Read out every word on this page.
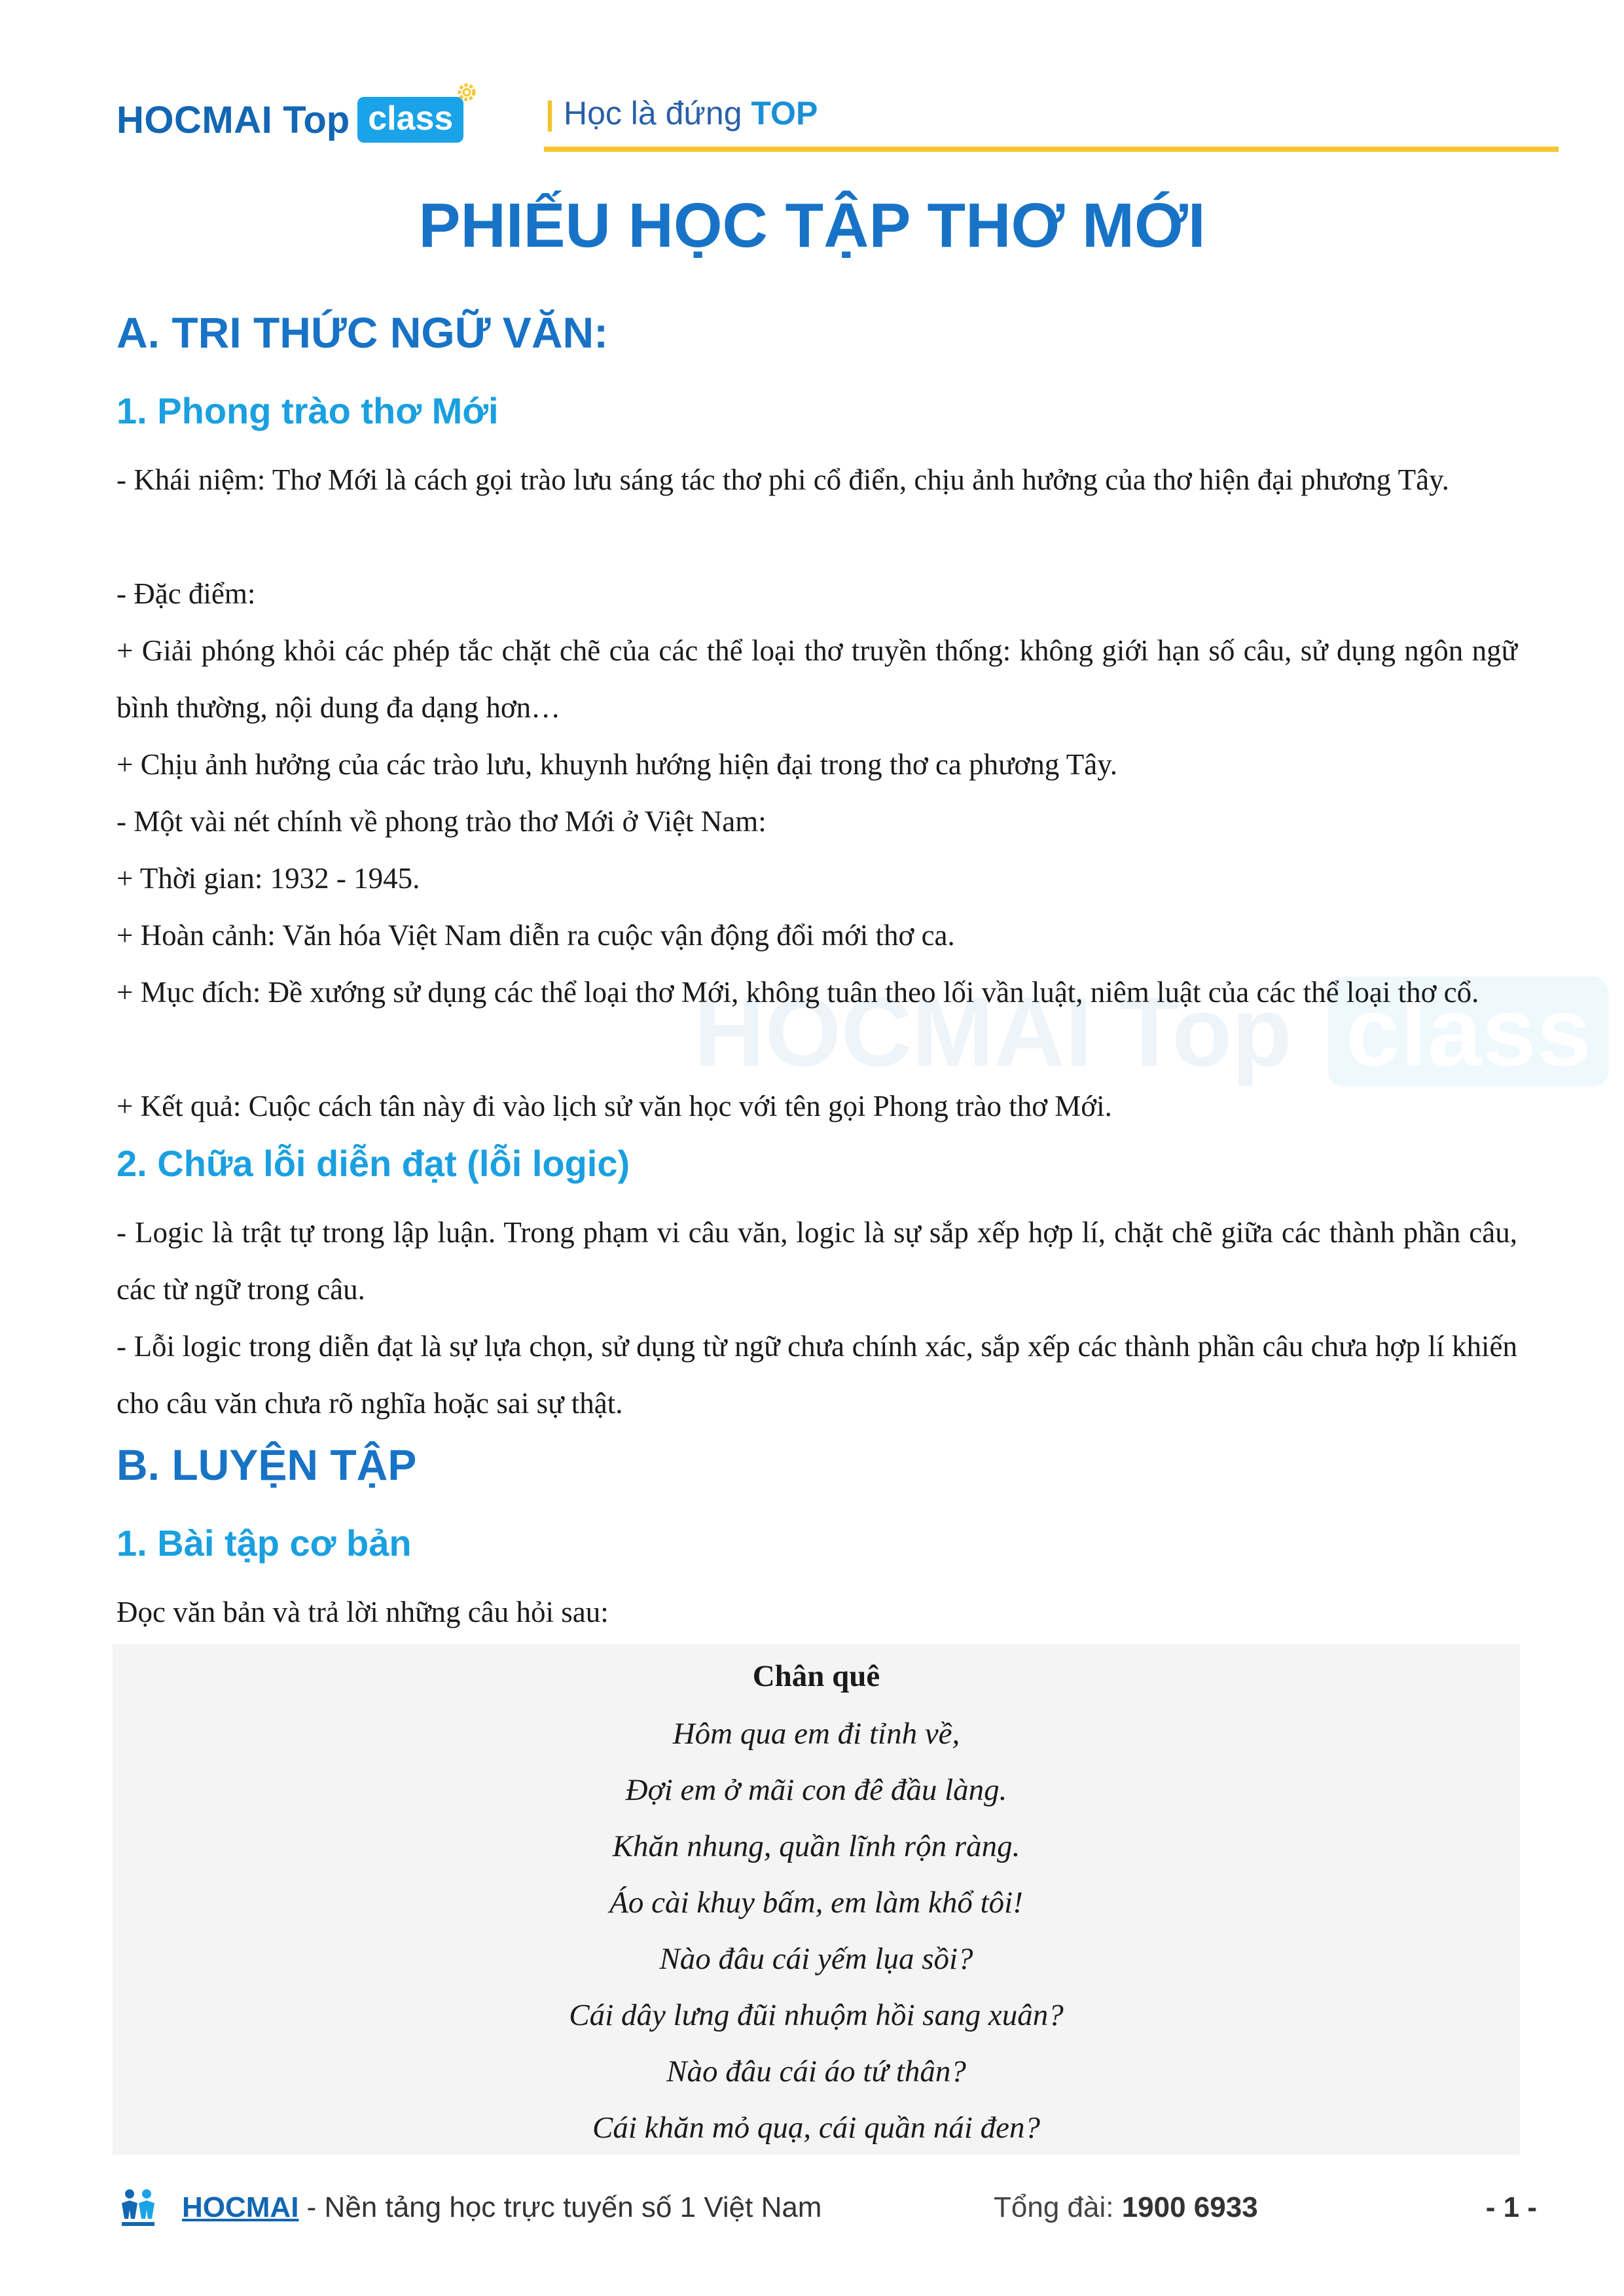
HOCMAI Top class	| Học là đứng TOP
HOCMAI Top class
PHIẾU HỌC TẬP THƠ MỚI
A. TRI THỨC NGỮ VĂN:
1. Phong trào thơ Mới
- Khái niệm: Thơ Mới là cách gọi trào lưu sáng tác thơ phi cổ điển, chịu ảnh hưởng của thơ hiện đại phương Tây.
- Đặc điểm:
+ Giải phóng khỏi các phép tắc chặt chẽ của các thể loại thơ truyền thống: không giới hạn số câu, sử dụng ngôn ngữ bình thường, nội dung đa dạng hơn…
+ Chịu ảnh hưởng của các trào lưu, khuynh hướng hiện đại trong thơ ca phương Tây.
- Một vài nét chính về phong trào thơ Mới ở Việt Nam:
+ Thời gian: 1932 - 1945.
+ Hoàn cảnh: Văn hóa Việt Nam diễn ra cuộc vận động đổi mới thơ ca.
+ Mục đích: Đề xướng sử dụng các thể loại thơ Mới, không tuân theo lối vần luật, niêm luật của các thể loại thơ cổ.
+ Kết quả: Cuộc cách tân này đi vào lịch sử văn học với tên gọi Phong trào thơ Mới.
2. Chữa lỗi diễn đạt (lỗi logic)
- Logic là trật tự trong lập luận. Trong phạm vi câu văn, logic là sự sắp xếp hợp lí, chặt chẽ giữa các thành phần câu, các từ ngữ trong câu.
- Lỗi logic trong diễn đạt là sự lựa chọn, sử dụng từ ngữ chưa chính xác, sắp xếp các thành phần câu chưa hợp lí khiến cho câu văn chưa rõ nghĩa hoặc sai sự thật.
B. LUYỆN TẬP
1. Bài tập cơ bản
Đọc văn bản và trả lời những câu hỏi sau:
Chân quê
Hôm qua em đi tỉnh về,
Đợi em ở mãi con đê đầu làng.
Khăn nhung, quần lĩnh rộn ràng.
Áo cài khuy bấm, em làm khổ tôi!
Nào đâu cái yếm lụa sồi?
Cái dây lưng đũi nhuộm hồi sang xuân?
Nào đâu cái áo tứ thân?
Cái khăn mỏ quạ, cái quần nái đen?
HOCMAI - Nền tảng học trực tuyến số 1 Việt Nam	Tổng đài: 1900 6933	- 1 -
